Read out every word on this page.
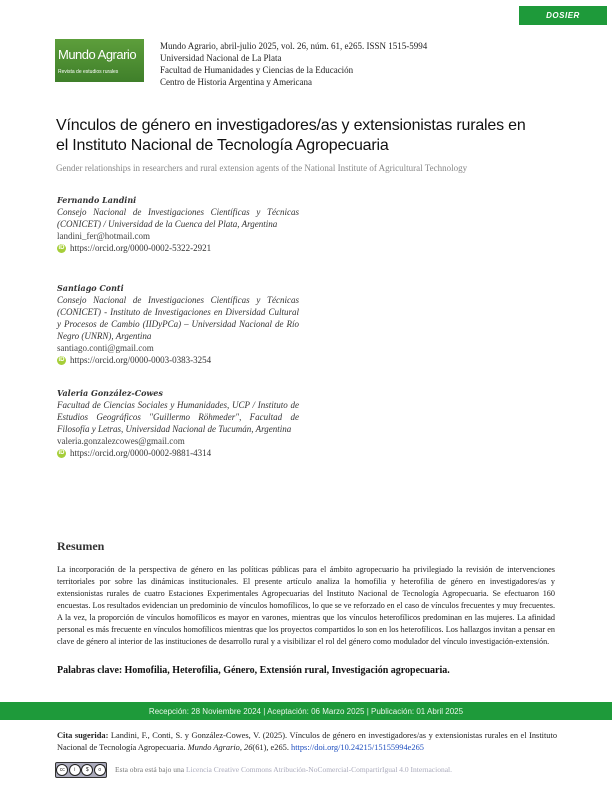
DOSIER
Mundo Agrario
Revista de estudios rurales
Mundo Agrario, abril-julio 2025, vol. 26, núm. 61, e265. ISSN 1515-5994
Universidad Nacional de La Plata
Facultad de Humanidades y Ciencias de la Educación
Centro de Historia Argentina y Americana
Vínculos de género en investigadores/as y extensionistas rurales en el Instituto Nacional de Tecnología Agropecuaria
Gender relationships in researchers and rural extension agents of the National Institute of Agricultural Technology
Fernando Landini
Consejo Nacional de Investigaciones Científicas y Técnicas (CONICET) / Universidad de la Cuenca del Plata, Argentina
landini_fer@hotmail.com
iD https://orcid.org/0000-0002-5322-2921
Santiago Conti
Consejo Nacional de Investigaciones Científicas y Técnicas (CONICET) - Instituto de Investigaciones en Diversidad Cultural y Procesos de Cambio (IIDyPCa) – Universidad Nacional de Río Negro (UNRN), Argentina
santiago.conti@gmail.com
iD https://orcid.org/0000-0003-0383-3254
Valeria González-Cowes
Facultad de Ciencias Sociales y Humanidades, UCP / Instituto de Estudios Geográficos "Guillermo Röhmeder", Facultad de Filosofía y Letras, Universidad Nacional de Tucumán, Argentina
valeria.gonzalezcowes@gmail.com
iD https://orcid.org/0000-0002-9881-4314
Resumen
La incorporación de la perspectiva de género en las políticas públicas para el ámbito agropecuario ha privilegiado la revisión de intervenciones territoriales por sobre las dinámicas institucionales. El presente artículo analiza la homofilia y heterofilia de género en investigadores/as y extensionistas rurales de cuatro Estaciones Experimentales Agropecuarias del Instituto Nacional de Tecnología Agropecuaria. Se efectuaron 160 encuestas. Los resultados evidencian un predominio de vínculos homofílicos, lo que se ve reforzado en el caso de vínculos frecuentes y muy frecuentes. A la vez, la proporción de vínculos homofílicos es mayor en varones, mientras que los vínculos heterofílicos predominan en las mujeres. La afinidad personal es más frecuente en vínculos homofílicos mientras que los proyectos compartidos lo son en los heterofílicos. Los hallazgos invitan a pensar en clave de género al interior de las instituciones de desarrollo rural y a visibilizar el rol del género como modulador del vínculo investigación-extensión.
Palabras clave: Homofilia, Heterofilia, Género, Extensión rural, Investigación agropecuaria.
Recepción: 28 Noviembre 2024 | Aceptación: 06 Marzo 2025 | Publicación: 01 Abril 2025
Cita sugerida: Landini, F., Conti, S. y González-Cowes, V. (2025). Vínculos de género en investigadores/as y extensionistas rurales en el Instituto Nacional de Tecnología Agropecuaria. Mundo Agrario, 26(61), e265. https://doi.org/10.24215/15155994e265
cc	i	$	o	Esta obra está bajo una Licencia Creative Commons Atribución-NoComercial-CompartirIgual 4.0 Internacional.
